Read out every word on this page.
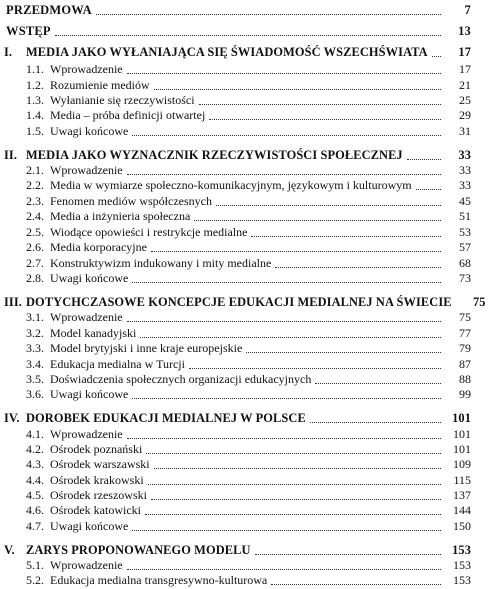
PRZEDMOWA	7
WSTĘP	13
I.	MEDIA JAKO WYŁANIAJĄCA SIĘ ŚWIADOMOŚĆ WSZECHŚWIATA	17
1.1. Wprowadzenie	17
1.2. Rozumienie mediów	21
1.3. Wyłanianie się rzeczywistości	25
1.4. Media – próba definicji otwartej	29
1.5. Uwagi końcowe	31
II. MEDIA JAKO WYZNACZNIK RZECZYWISTOŚCI SPOŁECZNEJ	33
2.1. Wprowadzenie	33
2.2. Media w wymiarze społeczno-komunikacyjnym, językowym i kulturowym	33
2.3. Fenomen mediów współczesnych	45
2.4. Media a inżynieria społeczna	51
2.5. Wiodące opowieści i restrykcje medialne	53
2.6. Media korporacyjne	57
2.7. Konstruktywizm indukowany i mity medialne	68
2.8. Uwagi końcowe	73
III. DOTYCHCZASOWE KONCEPCJE EDUKACJI MEDIALNEJ NA ŚWIECIE	75
3.1. Wprowadzenie	75
3.2. Model kanadyjski	77
3.3. Model brytyjski i inne kraje europejskie	79
3.4. Edukacja medialna w Turcji	87
3.5. Doświadczenia społecznych organizacji edukacyjnych	88
3.6. Uwagi końcowe	99
IV. DOROBEK EDUKACJI MEDIALNEJ W POLSCE	101
4.1. Wprowadzenie	101
4.2. Ośrodek poznański	101
4.3. Ośrodek warszawski	109
4.4. Ośrodek krakowski	115
4.5. Ośrodek rzeszowski	137
4.6. Ośrodek katowicki	144
4.7. Uwagi końcowe	150
V. ZARYS PROPONOWANEGO MODELU	153
5.1. Wprowadzenie	153
5.2. Edukacja medialna transgresywno-kulturowa	153
